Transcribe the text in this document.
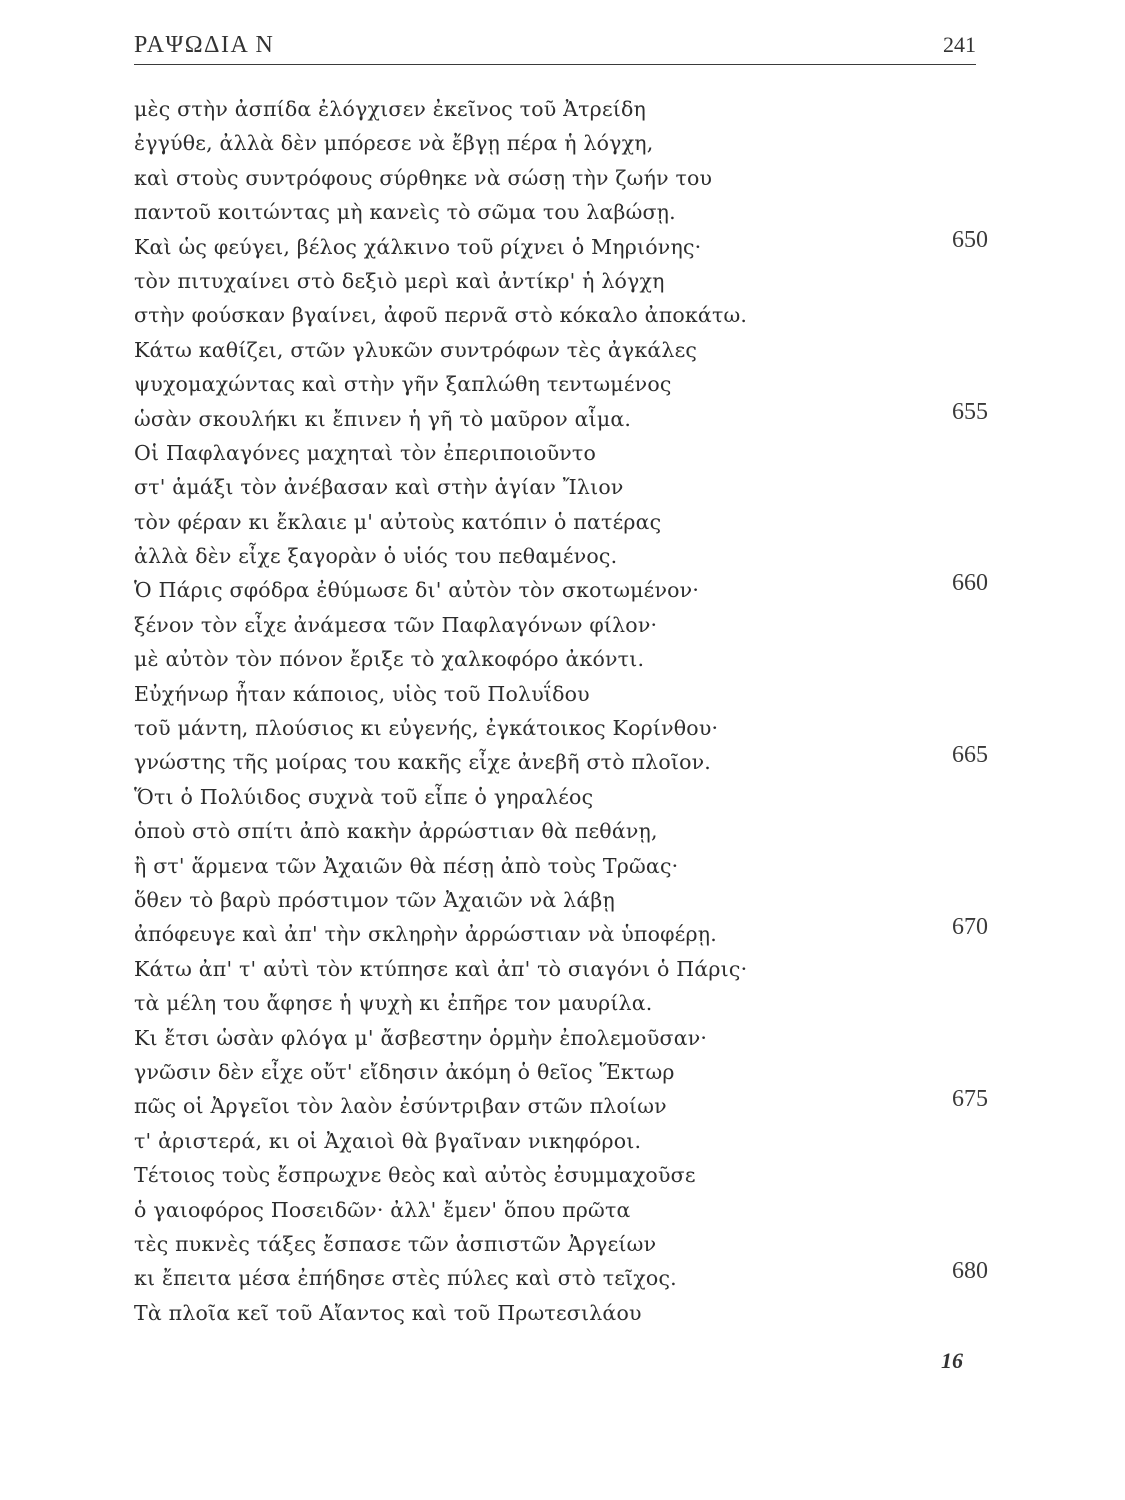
ΡΑΨΩΔΙΑ Ν	241
μὲς στὴν ἀσπίδα ἐλόγχισεν ἐκεῖνος τοῦ Ἀτρείδη
ἐγγύθε, ἀλλὰ δὲν μπόρεσε νὰ ἔβγῃ πέρα ἡ λόγχη,
καὶ στοὺς συντρόφους σύρθηκε νὰ σώσῃ τὴν ζωήν του
παντοῦ κοιτώντας μὴ κανεὶς τὸ σῶμα του λαβώσῃ.
Καὶ ὡς φεύγει, βέλος χάλκινο τοῦ ρίχνει ὁ Μηριόνης·	650
τὸν πιτυχαίνει στὸ δεξιὸ μερὶ καὶ ἀντίκρ' ἡ λόγχη
στὴν φούσκαν βγαίνει, ἀφοῦ περνᾶ στὸ κόκαλο ἀποκάτω.
Κάτω καθίζει, στῶν γλυκῶν συντρόφων τὲς ἀγκάλες
ψυχομαχώντας καὶ στὴν γῆν ξαπλώθη τεντωμένος
ὡσὰν σκουλήκι κι ἔπινεν ἡ γῆ τὸ μαῦρον αἷμα.	655
Οἱ Παφλαγόνες μαχηταὶ τὸν ἐπεριποιοῦντο
στ' ἁμάξι τὸν ἀνέβασαν καὶ στὴν ἁγίαν Ἴλιον
τὸν φέραν κι ἔκλαιε μ' αὐτοὺς κατόπιν ὁ πατέρας
ἀλλὰ δὲν εἶχε ξαγορὰν ὁ υἱός του πεθαμένος.
Ὁ Πάρις σφόδρα ἐθύμωσε δι' αὐτὸν τὸν σκοτωμένον·	660
ξένον τὸν εἶχε ἀνάμεσα τῶν Παφλαγόνων φίλον·
μὲ αὐτὸν τὸν πόνον ἔριξε τὸ χαλκοφόρο ἀκόντι.
Εὐχήνωρ ἦταν κάποιος, υἱὸς τοῦ Πολυΐδου
τοῦ μάντη, πλούσιος κι εὐγενής, ἐγκάτοικος Κορίνθου·
γνώστης τῆς μοίρας του κακῆς εἶχε ἀνεβῆ στὸ πλοῖον.	665
Ὅτι ὁ Πολύιδος συχνὰ τοῦ εἶπε ὁ γηραλέος
ὁποὺ στὸ σπίτι ἀπὸ κακὴν ἀρρώστιαν θὰ πεθάνῃ,
ἢ στ' ἅρμενα τῶν Ἀχαιῶν θὰ πέσῃ ἀπὸ τοὺς Τρῶας·
ὅθεν τὸ βαρὺ πρόστιμον τῶν Ἀχαιῶν νὰ λάβῃ
ἀπόφευγε καὶ ἀπ' τὴν σκληρὴν ἀρρώστιαν νὰ ὑποφέρῃ.	670
Κάτω ἀπ' τ' αὐτὶ τὸν κτύπησε καὶ ἀπ' τὸ σιαγόνι ὁ Πάρις·
τὰ μέλη του ἄφησε ἡ ψυχὴ κι ἐπῆρε τον μαυρίλα.
Κι ἔτσι ὡσὰν φλόγα μ' ἄσβεστην ὁρμὴν ἐπολεμοῦσαν·
γνῶσιν δὲν εἶχε οὔτ' εἴδησιν ἀκόμη ὁ θεῖος Ἕκτωρ
πῶς οἱ Ἀργεῖοι τὸν λαὸν ἐσύντριβαν στῶν πλοίων	675
τ' ἀριστερά, κι οἱ Ἀχαιοὶ θὰ βγαῖναν νικηφόροι.
Τέτοιος τοὺς ἔσπρωχνε θεὸς καὶ αὐτὸς ἐσυμμαχοῦσε
ὁ γαιοφόρος Ποσειδῶν· ἀλλ' ἔμεν' ὅπου πρῶτα
τὲς πυκνὲς τάξες ἔσπασε τῶν ἀσπιστῶν Ἀργείων
κι ἔπειτα μέσα ἐπήδησε στὲς πύλες καὶ στὸ τεῖχος.	680
Τὰ πλοῖα κεῖ τοῦ Αἴαντος καὶ τοῦ Πρωτεσιλάου
16
